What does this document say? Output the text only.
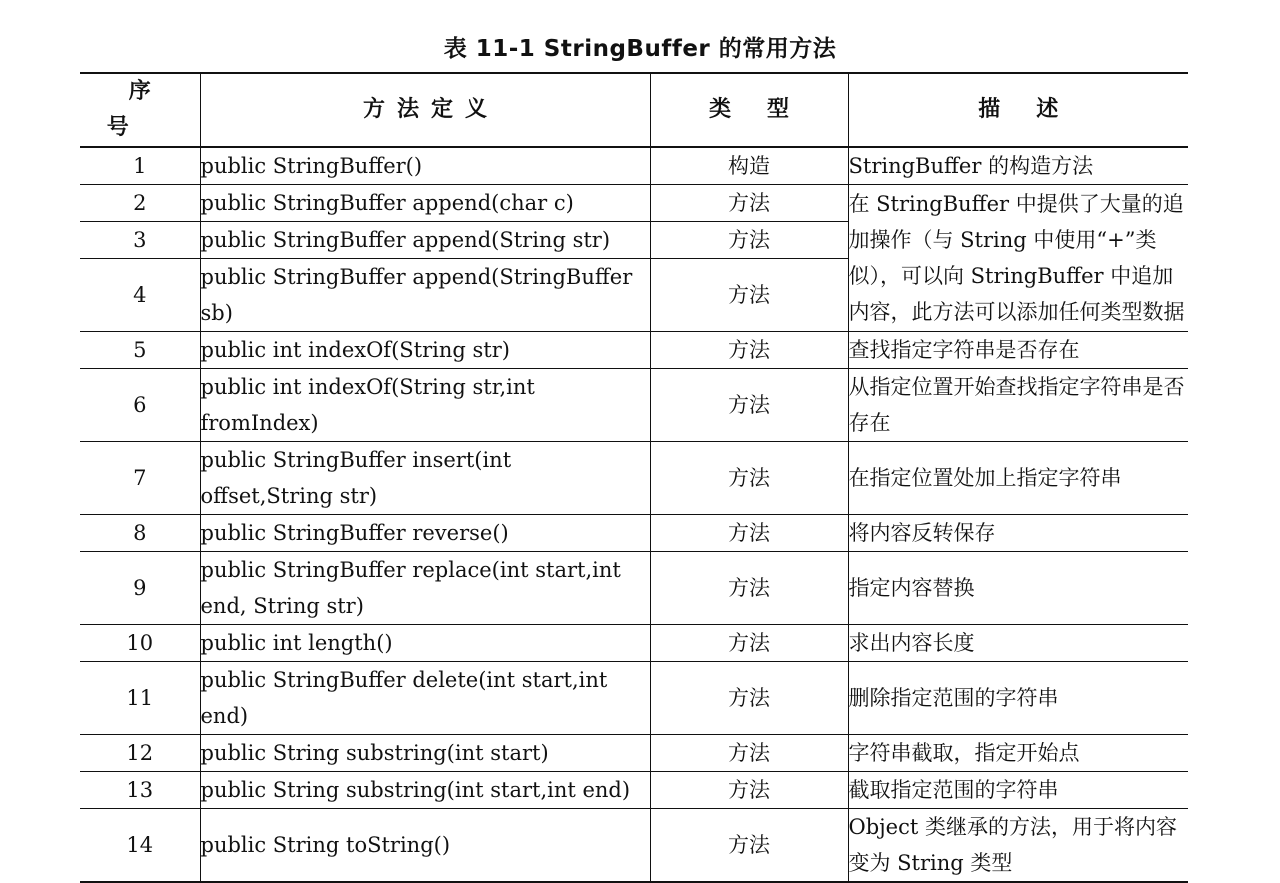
表 11-1 StringBuffer 的常用方法
序号	方法定义	类型	描述
1	public StringBuffer()	构造	StringBuffer 的构造方法
2	public StringBuffer append(char c)	方法	在 StringBuffer 中提供了大量的追加操作（与 String 中使用“+”类似），可以向 StringBuffer 中追加内容，此方法可以添加任何类型数据
3	public StringBuffer append(String str)	方法	
4	public StringBuffer append(StringBuffer sb)	方法	
5	public int indexOf(String str)	方法	查找指定字符串是否存在
6	public int indexOf(String str,int fromIndex)	方法	从指定位置开始查找指定字符串是否存在
7	public StringBuffer insert(int offset,String str)	方法	在指定位置处加上指定字符串
8	public StringBuffer reverse()	方法	将内容反转保存
9	public StringBuffer replace(int start,int end, String str)	方法	指定内容替换
10	public int length()	方法	求出内容长度
11	public StringBuffer delete(int start,int end)	方法	删除指定范围的字符串
12	public String substring(int start)	方法	字符串截取，指定开始点
13	public String substring(int start,int end)	方法	截取指定范围的字符串
14	public String toString()	方法	Object 类继承的方法，用于将内容变为 String 类型
